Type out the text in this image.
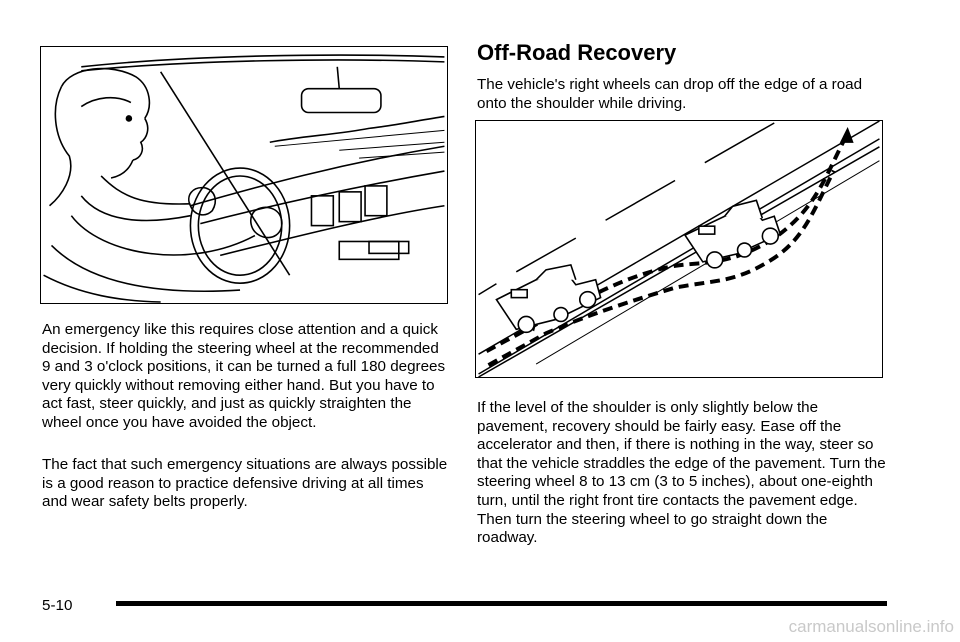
An emergency like this requires close attention and a quick decision. If holding the steering wheel at the recommended 9 and 3 o'clock positions, it can be turned a full 180 degrees very quickly without removing either hand. But you have to act fast, steer quickly, and just as quickly straighten the wheel once you have avoided the object.

The fact that such emergency situations are always possible is a good reason to practice defensive driving at all times and wear safety belts properly.

Off-Road Recovery

The vehicle's right wheels can drop off the edge of a road onto the shoulder while driving.

If the level of the shoulder is only slightly below the pavement, recovery should be fairly easy. Ease off the accelerator and then, if there is nothing in the way, steer so that the vehicle straddles the edge of the pavement. Turn the steering wheel 8 to 13 cm (3 to 5 inches), about one-eighth turn, until the right front tire contacts the pavement edge. Then turn the steering wheel to go straight down the roadway.

5-10
carmanualsonline.info
